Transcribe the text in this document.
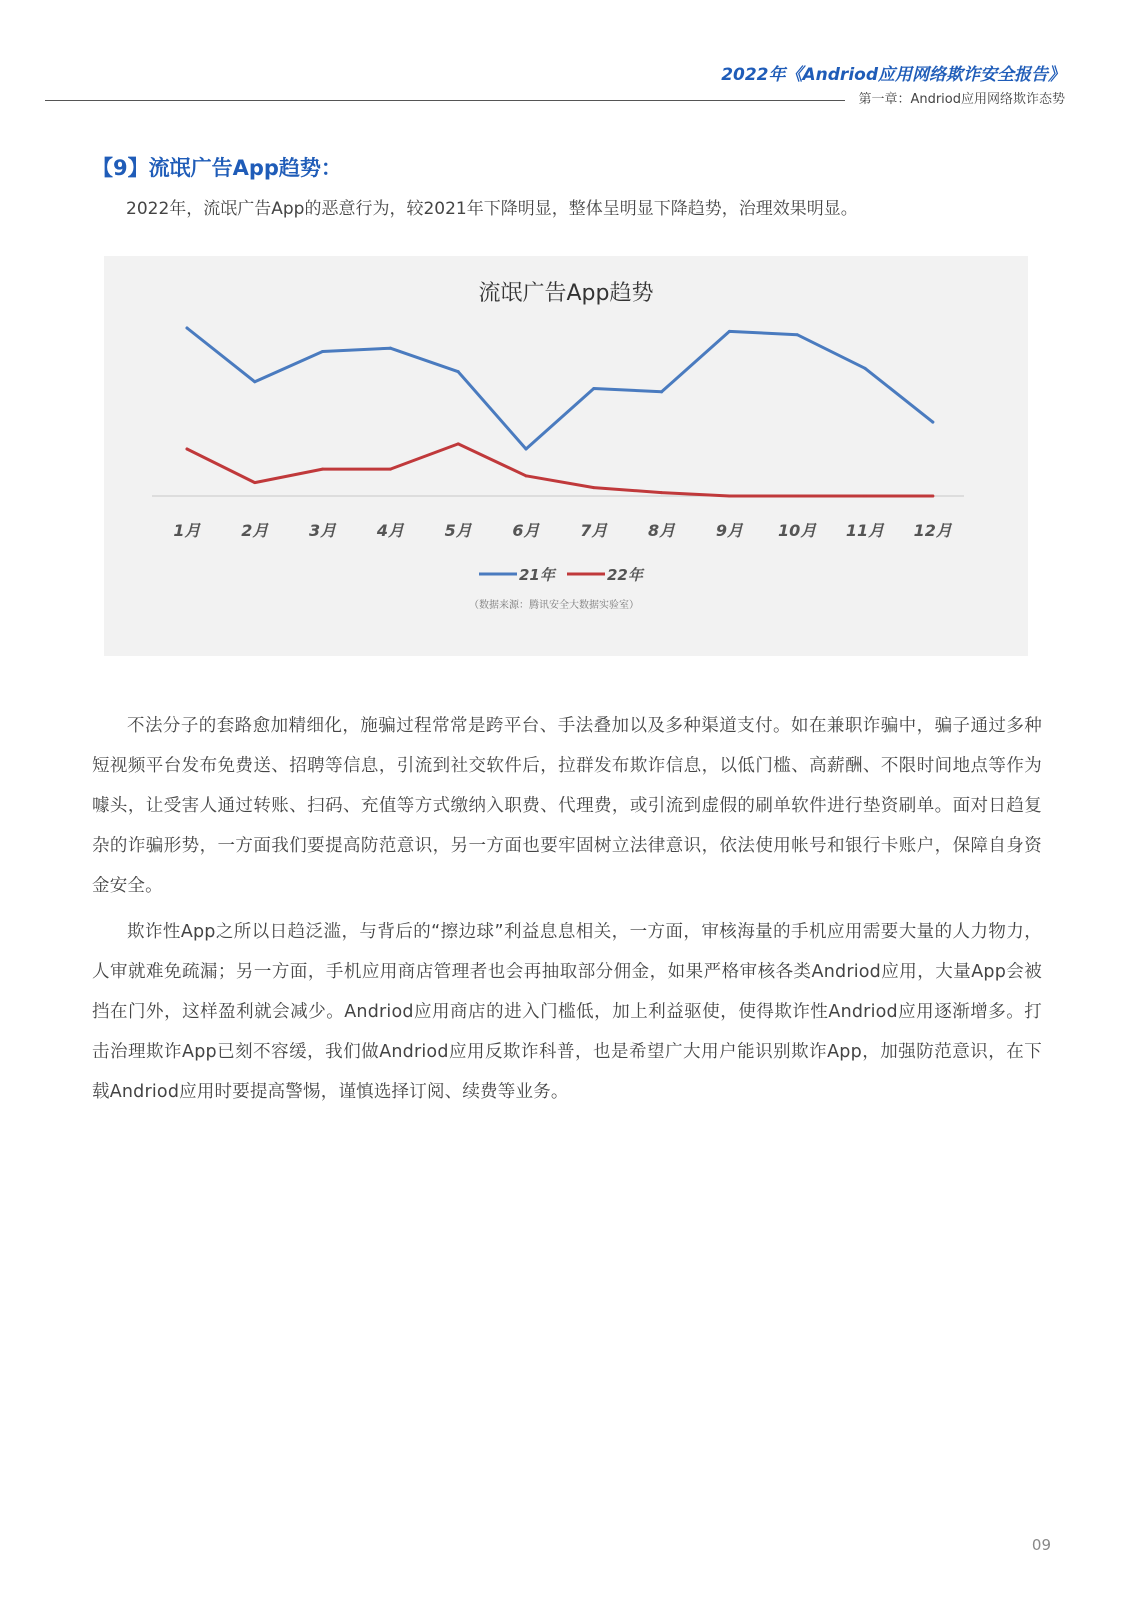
2022年《Andriod应用网络欺诈安全报告》
第一章：Andriod应用网络欺诈态势
【9】流氓广告App趋势：
2022年，流氓广告App的恶意行为，较2021年下降明显，整体呈明显下降趋势，治理效果明显。
流氓广告App趋势
1月	2月	3月	4月	5月	6月	7月	8月	9月 10月 11月 12月
21年	22年
（数据来源：腾讯安全大数据实验室）
不法分子的套路愈加精细化，施骗过程常常是跨平台、手法叠加以及多种渠道支付。如在兼职诈骗中，骗子通过多种短视频平台发布免费送、招聘等信息，引流到社交软件后，拉群发布欺诈信息，以低门槛、高薪酬、不限时间地点等作为噱头，让受害人通过转账、扫码、充值等方式缴纳入职费、代理费，或引流到虚假的刷单软件进行垫资刷单。面对日趋复杂的诈骗形势，一方面我们要提高防范意识，另一方面也要牢固树立法律意识，依法使用帐号和银行卡账户，保障自身资金安全。
欺诈性App之所以日趋泛滥，与背后的“擦边球”利益息息相关，一方面，审核海量的手机应用需要大量的人力物力，人审就难免疏漏；另一方面，手机应用商店管理者也会再抽取部分佣金，如果严格审核各类Andriod应用，大量App会被挡在门外，这样盈利就会减少。Andriod应用商店的进入门槛低，加上利益驱使，使得欺诈性Andriod应用逐渐增多。打击治理欺诈App已刻不容缓，我们做Andriod应用反欺诈科普，也是希望广大用户能识别欺诈App，加强防范意识，在下载Andriod应用时要提高警惕，谨慎选择订阅、续费等业务。
09
